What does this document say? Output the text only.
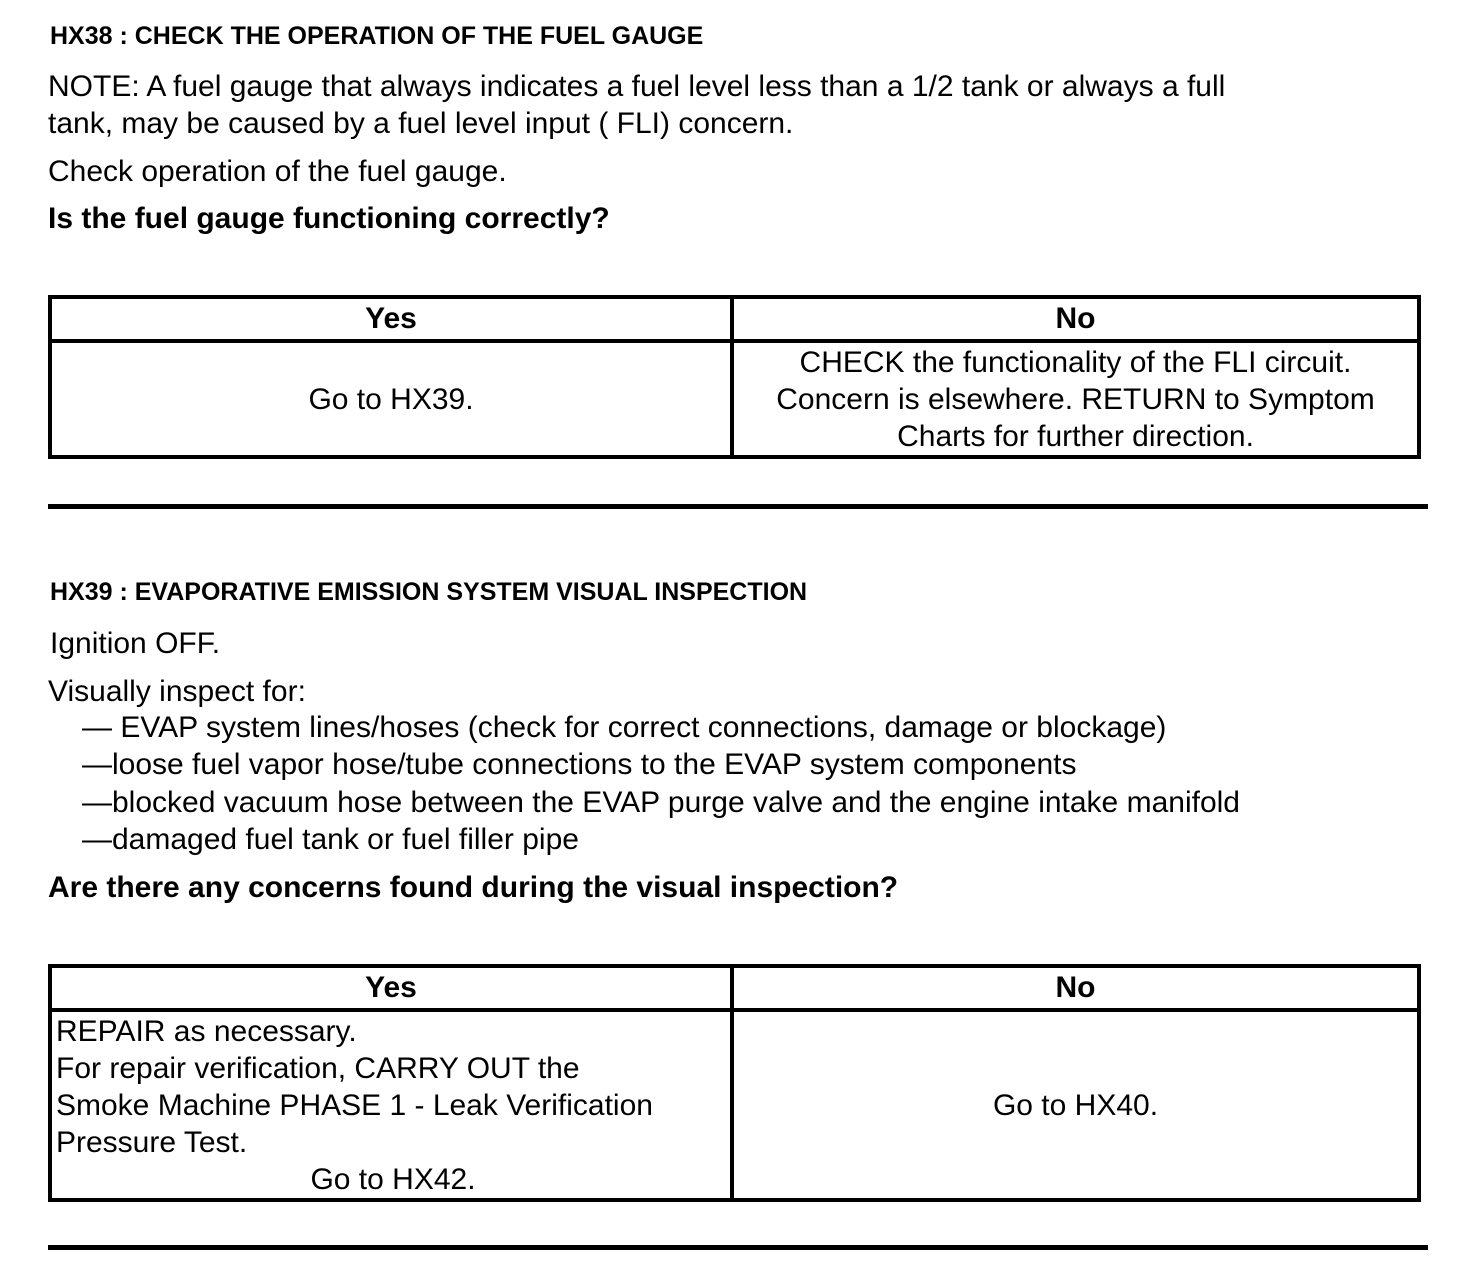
HX38 : CHECK THE OPERATION OF THE FUEL GAUGE

NOTE: A fuel gauge that always indicates a fuel level less than a 1/2 tank or always a full

tank, may be caused by a fuel level input ( FLI) concern.

Check operation of the fuel gauge.

Is the fuel gauge functioning correctly?

Yes	No

Go to HX39.	CHECK the functionality of the FLI circuit.
Concern is elsewhere. RETURN to Symptom
Charts for further direction.
HX39 : EVAPORATIVE EMISSION SYSTEM VISUAL INSPECTION

Ignition OFF.

Visually inspect for:

— EVAP system lines/hoses (check for correct connections, damage or blockage)

—loose fuel vapor hose/tube connections to the EVAP system components

—blocked vacuum hose between the EVAP purge valve and the engine intake manifold

—damaged fuel tank or fuel filler pipe

Are there any concerns found during the visual inspection?

Yes	No

REPAIR as necessary.
For repair verification, CARRY OUT the
Smoke Machine PHASE 1 - Leak Verification
Pressure Test.
Go to HX42.	Go to HX40.
